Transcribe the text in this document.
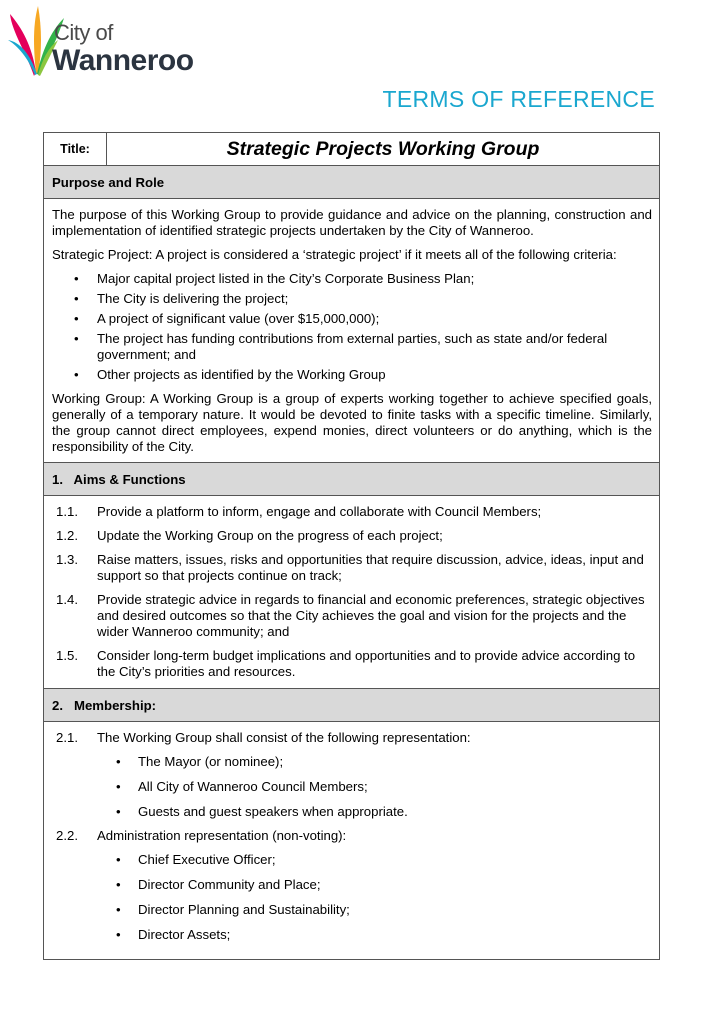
City of
Wanneroo
TERMS OF REFERENCE
Title:	Strategic Projects Working Group
Purpose and Role

The purpose of this Working Group to provide guidance and advice on the planning, construction and implementation of identified strategic projects undertaken by the City of Wanneroo.

Strategic Project: A project is considered a ‘strategic project’ if it meets all of the following criteria:

• Major capital project listed in the City’s Corporate Business Plan;
• The City is delivering the project;
• A project of significant value (over $15,000,000);
• The project has funding contributions from external parties, such as state and/or federal government; and
• Other projects as identified by the Working Group

Working Group: A Working Group is a group of experts working together to achieve specified goals, generally of a temporary nature. It would be devoted to finite tasks with a specific timeline. Similarly, the group cannot direct employees, expend monies, direct volunteers or do anything, which is the responsibility of the City.

1.   Aims & Functions
1.1.	Provide a platform to inform, engage and collaborate with Council Members;
1.2.	Update the Working Group on the progress of each project;
1.3.	Raise matters, issues, risks and opportunities that require discussion, advice, ideas, input and support so that projects continue on track;
1.4.	Provide strategic advice in regards to financial and economic preferences, strategic objectives and desired outcomes so that the City achieves the goal and vision for the projects and the wider Wanneroo community; and
1.5.	Consider long-term budget implications and opportunities and to provide advice according to the City’s priorities and resources.
2.   Membership:
2.1.	The Working Group shall consist of the following representation:
• The Mayor (or nominee);
• All City of Wanneroo Council Members;
• Guests and guest speakers when appropriate.
2.2.	Administration representation (non-voting):
• Chief Executive Officer;
• Director Community and Place;
• Director Planning and Sustainability;
• Director Assets;
